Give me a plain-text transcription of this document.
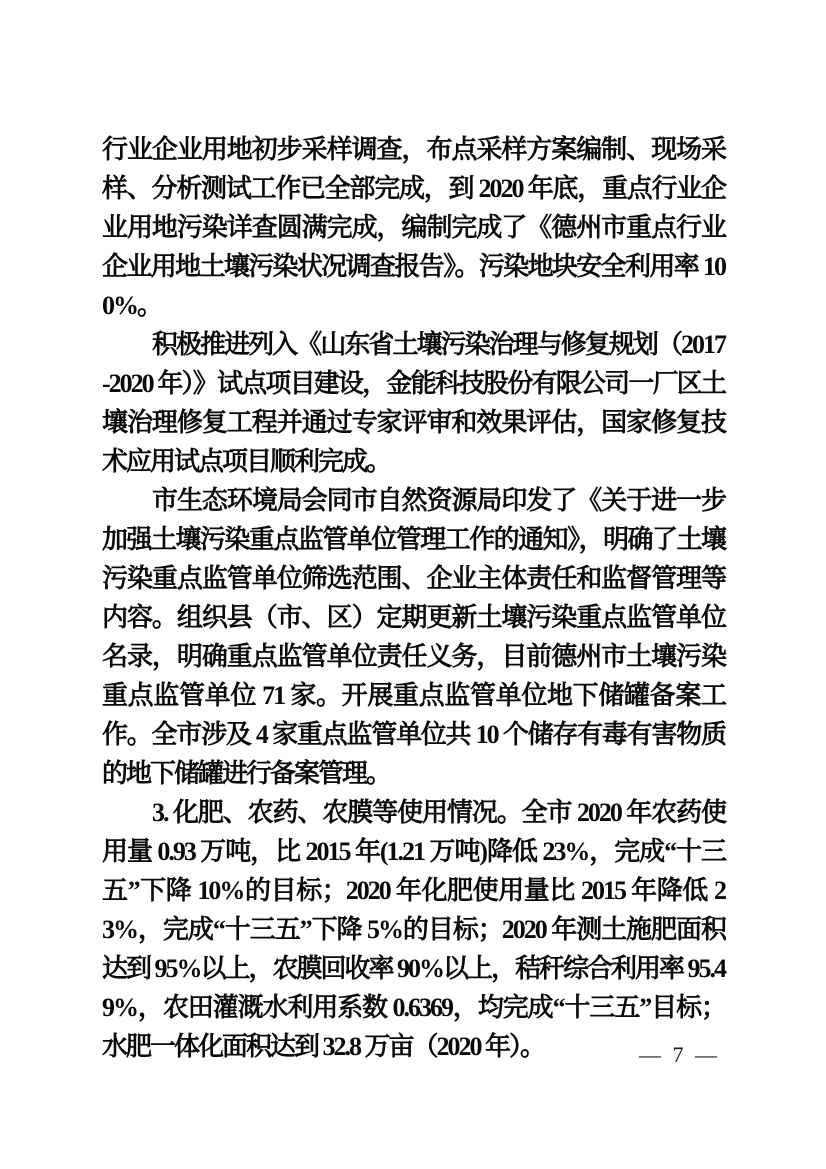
行业企业用地初步采样调查，布点采样方案编制、现场采样、分析测试工作已全部完成，到 2020 年底，重点行业企业用地污染详查圆满完成，编制完成了《德州市重点行业企业用地土壤污染状况调查报告》。污染地块安全利用率 100%。

积极推进列入《山东省土壤污染治理与修复规划（2017-2020 年）》试点项目建设，金能科技股份有限公司一厂区土壤治理修复工程并通过专家评审和效果评估，国家修复技术应用试点项目顺利完成。

市生态环境局会同市自然资源局印发了《关于进一步加强土壤污染重点监管单位管理工作的通知》，明确了土壤污染重点监管单位筛选范围、企业主体责任和监督管理等内容。组织县（市、区）定期更新土壤污染重点监管单位名录，明确重点监管单位责任义务，目前德州市土壤污染重点监管单位 71 家。开展重点监管单位地下储罐备案工作。全市涉及 4 家重点监管单位共 10 个储存有毒有害物质的地下储罐进行备案管理。

3. 化肥、农药、农膜等使用情况。全市 2020 年农药使用量 0.93 万吨，比 2015 年(1.21 万吨)降低 23%，完成“十三五”下降 10%的目标；2020 年化肥使用量比 2015 年降低 23%，完成“十三五”下降 5%的目标；2020 年测土施肥面积达到 95%以上，农膜回收率 90%以上，秸秆综合利用率 95.49%，农田灌溉水利用系数 0.6369，均完成“十三五”目标；水肥一体化面积达到 32.8 万亩（2020 年）。	— 7 —
